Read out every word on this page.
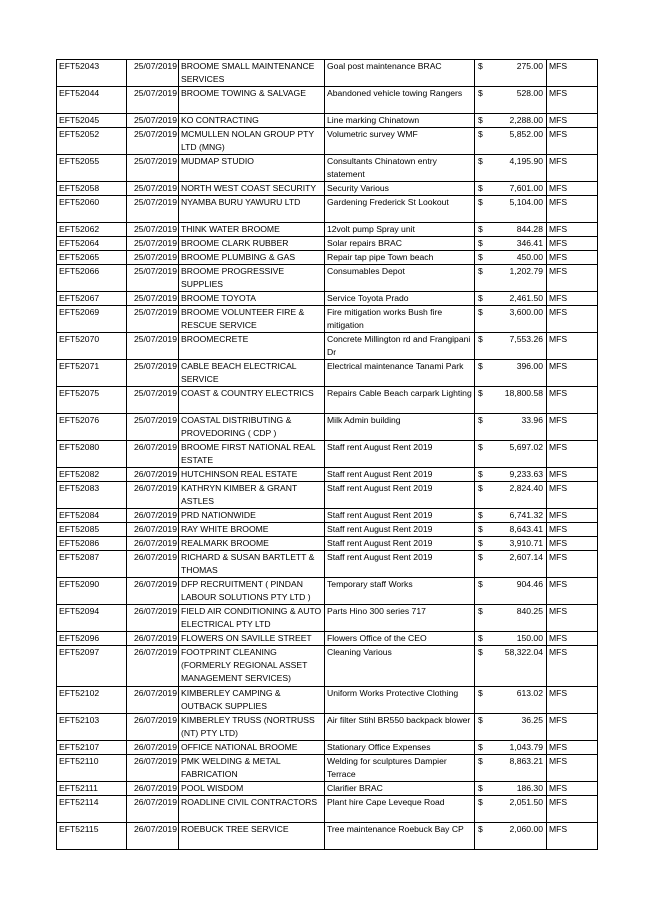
EFT52043	25/07/2019	BROOME SMALL MAINTENANCE SERVICES	Goal post maintenance BRAC	$	275.00	MFS
EFT52044	25/07/2019	BROOME TOWING & SALVAGE	Abandoned vehicle towing Rangers	$	528.00	MFS
EFT52045	25/07/2019	KO CONTRACTING	Line marking Chinatown	$	2,288.00	MFS
EFT52052	25/07/2019	MCMULLEN NOLAN GROUP PTY LTD (MNG)	Volumetric survey WMF	$	5,852.00	MFS
EFT52055	25/07/2019	MUDMAP STUDIO	Consultants Chinatown entry statement	$	4,195.90	MFS
EFT52058	25/07/2019	NORTH WEST COAST SECURITY	Security Various	$	7,601.00	MFS
EFT52060	25/07/2019	NYAMBA BURU YAWURU LTD	Gardening Frederick St Lookout	$	5,104.00	MFS
EFT52062	25/07/2019	THINK WATER BROOME	12volt pump Spray unit	$	844.28	MFS
EFT52064	25/07/2019	BROOME CLARK RUBBER	Solar repairs BRAC	$	346.41	MFS
EFT52065	25/07/2019	BROOME PLUMBING & GAS	Repair tap pipe Town beach	$	450.00	MFS
EFT52066	25/07/2019	BROOME PROGRESSIVE SUPPLIES	Consumables Depot	$	1,202.79	MFS
EFT52067	25/07/2019	BROOME TOYOTA	Service Toyota Prado	$	2,461.50	MFS
EFT52069	25/07/2019	BROOME VOLUNTEER FIRE & RESCUE SERVICE	Fire mitigation works Bush fire mitigation	$	3,600.00	MFS
EFT52070	25/07/2019	BROOMECRETE	Concrete Millington rd and Frangipani Dr	$	7,553.26	MFS
EFT52071	25/07/2019	CABLE BEACH ELECTRICAL SERVICE	Electrical maintenance Tanami Park	$	396.00	MFS
EFT52075	25/07/2019	COAST & COUNTRY ELECTRICS	Repairs Cable Beach carpark Lighting	$	18,800.58	MFS
EFT52076	25/07/2019	COASTAL DISTRIBUTING & PROVEDORING ( CDP )	Milk Admin building	$	33.96	MFS
EFT52080	26/07/2019	BROOME FIRST NATIONAL REAL ESTATE	Staff rent August Rent 2019	$	5,697.02	MFS
EFT52082	26/07/2019	HUTCHINSON REAL ESTATE	Staff rent August Rent 2019	$	9,233.63	MFS
EFT52083	26/07/2019	KATHRYN KIMBER & GRANT ASTLES	Staff rent August Rent 2019	$	2,824.40	MFS
EFT52084	26/07/2019	PRD NATIONWIDE	Staff rent August Rent 2019	$	6,741.32	MFS
EFT52085	26/07/2019	RAY WHITE BROOME	Staff rent August Rent 2019	$	8,643.41	MFS
EFT52086	26/07/2019	REALMARK BROOME	Staff rent August Rent 2019	$	3,910.71	MFS
EFT52087	26/07/2019	RICHARD & SUSAN BARTLETT & THOMAS	Staff rent August Rent 2019	$	2,607.14	MFS
EFT52090	26/07/2019	DFP RECRUITMENT ( PINDAN LABOUR SOLUTIONS PTY LTD )	Temporary staff Works	$	904.46	MFS
EFT52094	26/07/2019	FIELD AIR CONDITIONING & AUTO ELECTRICAL PTY LTD	Parts Hino 300 series 717	$	840.25	MFS
EFT52096	26/07/2019	FLOWERS ON SAVILLE STREET	Flowers Office of the CEO	$	150.00	MFS
EFT52097	26/07/2019	FOOTPRINT CLEANING (FORMERLY REGIONAL ASSET MANAGEMENT SERVICES)	Cleaning Various	$	58,322.04	MFS
EFT52102	26/07/2019	KIMBERLEY CAMPING & OUTBACK SUPPLIES	Uniform Works Protective Clothing	$	613.02	MFS
EFT52103	26/07/2019	KIMBERLEY TRUSS (NORTRUSS (NT) PTY LTD)	Air filter Stihl BR550 backpack blower	$	36.25	MFS
EFT52107	26/07/2019	OFFICE NATIONAL BROOME	Stationary Office Expenses	$	1,043.79	MFS
EFT52110	26/07/2019	PMK WELDING & METAL FABRICATION	Welding for sculptures Dampier Terrace	$	8,863.21	MFS
EFT52111	26/07/2019	POOL WISDOM	Clarifier BRAC	$	186.30	MFS
EFT52114	26/07/2019	ROADLINE CIVIL CONTRACTORS	Plant hire Cape Leveque Road	$	2,051.50	MFS
EFT52115	26/07/2019	ROEBUCK TREE SERVICE	Tree maintenance Roebuck Bay CP	$	2,060.00	MFS
